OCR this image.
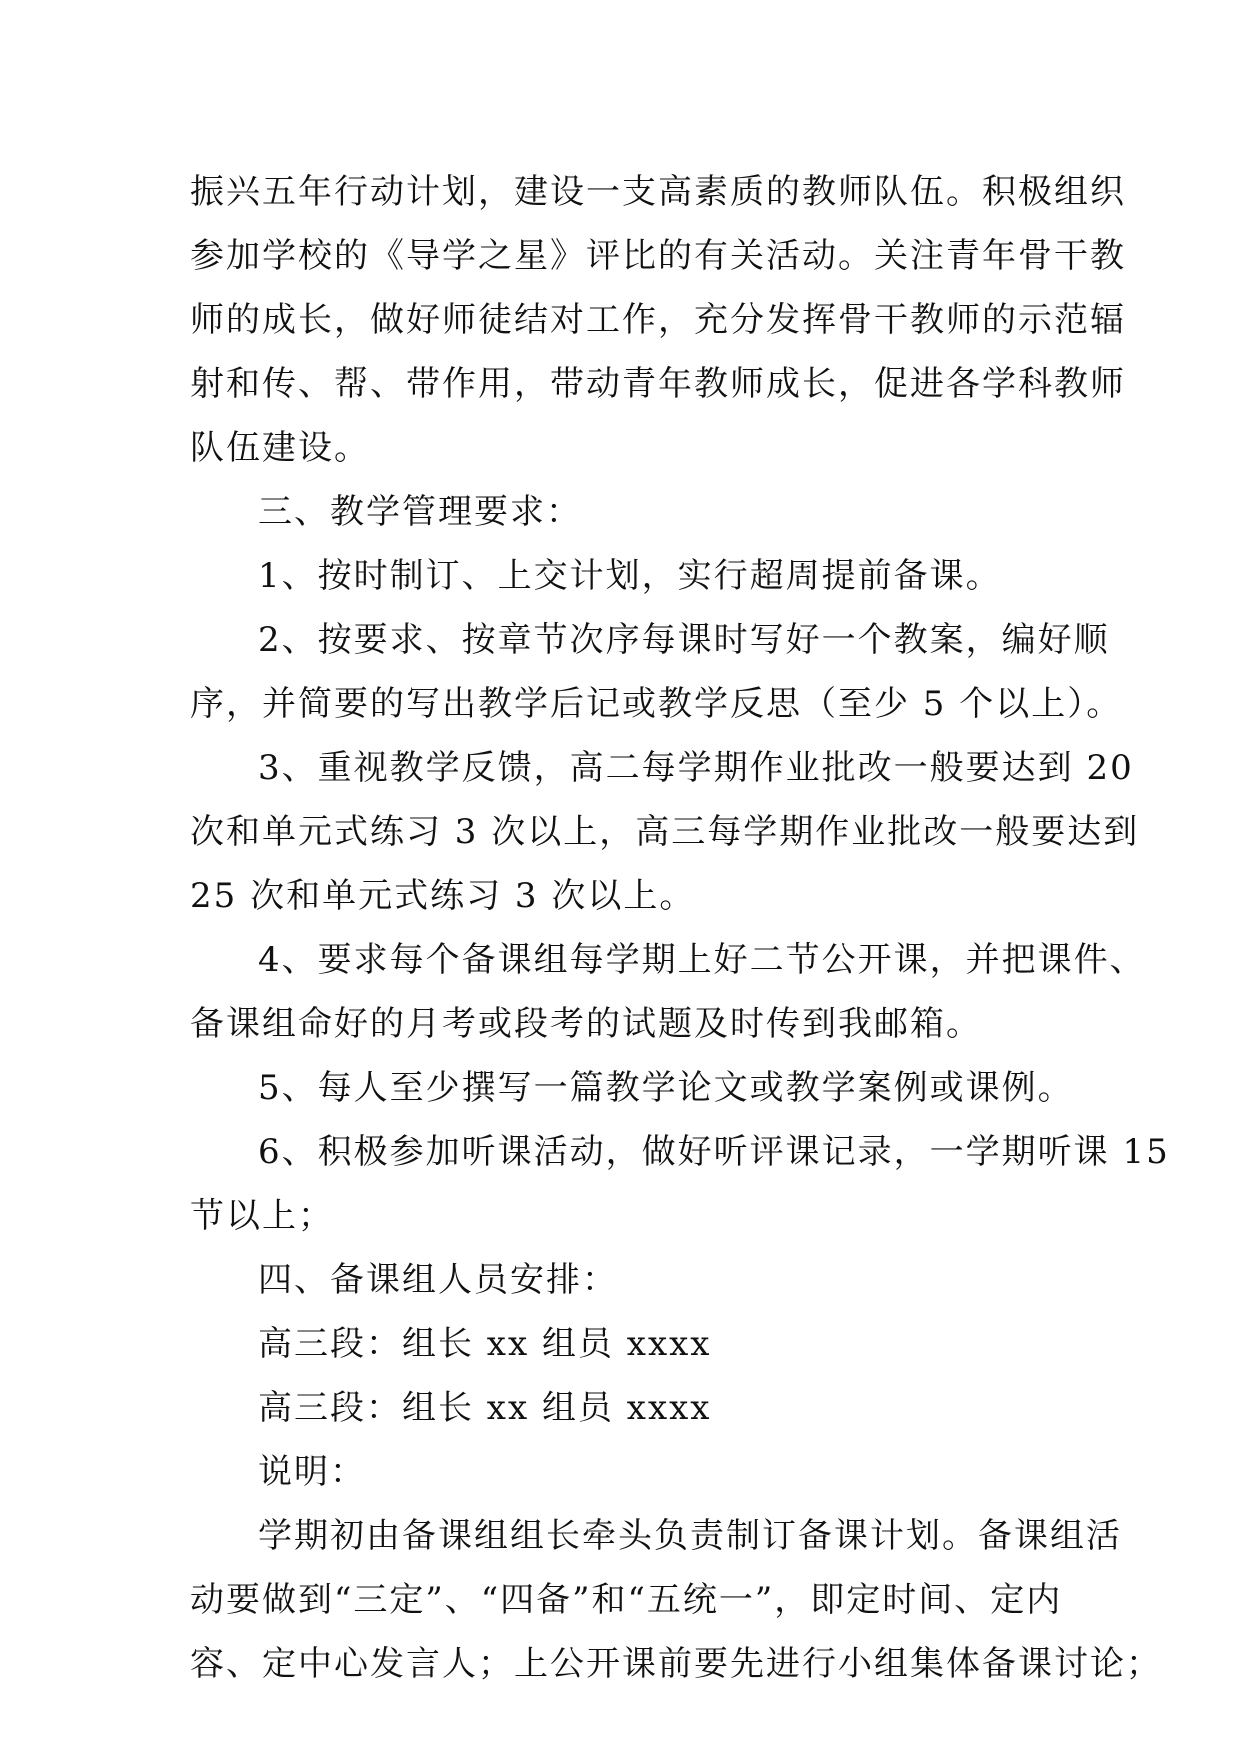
振兴五年行动计划，建设一支高素质的教师队伍。积极组织
参加学校的《导学之星》评比的有关活动。关注青年骨干教
师的成长，做好师徒结对工作，充分发挥骨干教师的示范辐
射和传、帮、带作用，带动青年教师成长，促进各学科教师
队伍建设。
三、教学管理要求：
1、按时制订、上交计划，实行超周提前备课。
2、按要求、按章节次序每课时写好一个教案，编好顺
序，并简要的写出教学后记或教学反思（至少 5 个以上）。
3、重视教学反馈，高二每学期作业批改一般要达到 20
次和单元式练习 3 次以上，高三每学期作业批改一般要达到
25 次和单元式练习 3 次以上。
4、要求每个备课组每学期上好二节公开课，并把课件、
备课组命好的月考或段考的试题及时传到我邮箱。
5、每人至少撰写一篇教学论文或教学案例或课例。
6、积极参加听课活动，做好听评课记录，一学期听课 15
节以上；
四、备课组人员安排：
高三段：组长 xx 组员 xxxx
高三段：组长 xx 组员 xxxx
说明：
学期初由备课组组长牵头负责制订备课计划。备课组活
动要做到“三定”、“四备”和“五统一”，即定时间、定内
容、定中心发言人；上公开课前要先进行小组集体备课讨论；
